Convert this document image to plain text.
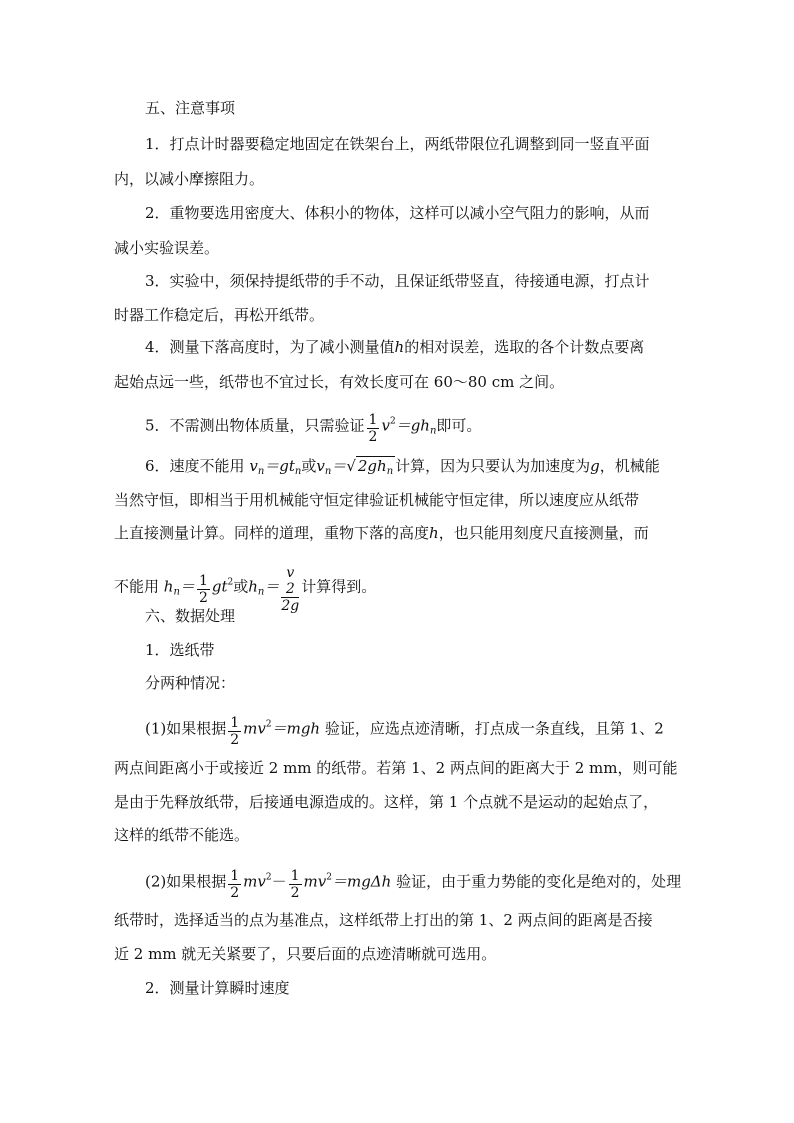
五、注意事项
1．打点计时器要稳定地固定在铁架台上，两纸带限位孔调整到同一竖直平面
内，以减小摩擦阻力。
2．重物要选用密度大、体积小的物体，这样可以减小空气阻力的影响，从而
减小实验误差。
3．实验中，须保持提纸带的手不动，且保证纸带竖直，待接通电源，打点计
时器工作稳定后，再松开纸带。
4．测量下落高度时，为了减小测量值h的相对误差，选取的各个计数点要离
起始点远一些，纸带也不宜过长，有效长度可在 60～80 cm 之间。
5．不需测出物体质量，只需验证 $\frac{1}{2} v^2=gh_n$即可。
6．速度不能用 $v_n=gt_n$或$v_n=√$ $2gh_n$ 计算，因为只要认为加速度为g，机械能
当然守恒，即相当于用机械能守恒定律验证机械能守恒定律，所以速度应从纸带
上直接测量计算。同样的道理，重物下落的高度h，也只能用刻度尺直接测量，而
不能用 $h_n= \frac{1}{2} gt^2$或$h_n= v$
2
2g 计算得到。
六、数据处理
1．选纸带
分两种情况：
(1)如果根据 $\frac{1}{2} mv^2=mgh$ 验证，应选点迹清晰，打点成一条直线，且第 1、2
两点间距离小于或接近 2 mm 的纸带。若第 1、2 两点间的距离大于 2 mm，则可能
是由于先释放纸带，后接通电源造成的。这样，第 1 个点就不是运动的起始点了，
这样的纸带不能选。
(2)如果根据 $\frac{1}{2} mv^2- \frac{1}{2} mv^2=mg\Delta h$ 验证，由于重力势能的变化是绝对的，处理
纸带时，选择适当的点为基准点，这样纸带上打出的第 1、2 两点间的距离是否接
近 2 mm 就无关紧要了，只要后面的点迹清晰就可选用。
2．测量计算瞬时速度
